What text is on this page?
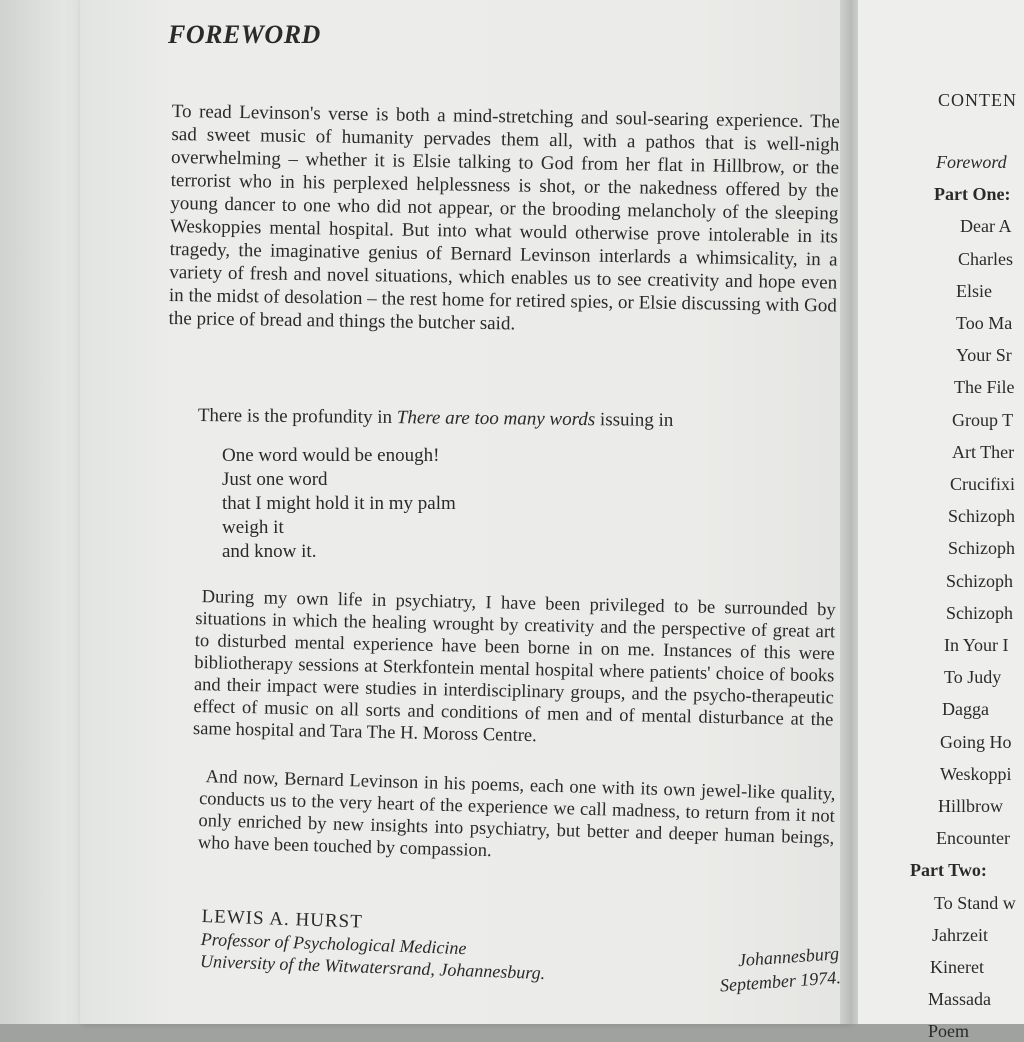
FOREWORD

To read Levinson's verse is both a mind-stretching and soul-searing experience. The sad sweet music of humanity pervades them all, with a pathos that is well-nigh overwhelming – whether it is Elsie talking to God from her flat in Hillbrow, or the terrorist who in his perplexed helplessness is shot, or the nakedness offered by the young dancer to one who did not appear, or the brooding melancholy of the sleeping Weskoppies mental hospital. But into what would otherwise prove intolerable in its tragedy, the imaginative genius of Bernard Levinson interlards a whimsicality, in a variety of fresh and novel situations, which enables us to see creativity and hope even in the midst of desolation – the rest home for retired spies, or Elsie discussing with God the price of bread and things the butcher said.

There is the profundity in There are too many words issuing in

One word would be enough!
Just one word
that I might hold it in my palm
weigh it
and know it.

During my own life in psychiatry, I have been privileged to be surrounded by situations in which the healing wrought by creativity and the perspective of great art to disturbed mental experience have been borne in on me. Instances of this were bibliotherapy sessions at Sterkfontein mental hospital where patients' choice of books and their impact were studies in interdisciplinary groups, and the psycho-therapeutic effect of music on all sorts and conditions of men and of mental disturbance at the same hospital and Tara The H. Moross Centre.

And now, Bernard Levinson in his poems, each one with its own jewel-like quality, conducts us to the very heart of the experience we call madness, to return from it not only enriched by new insights into psychiatry, but better and deeper human beings, who have been touched by compassion.

LEWIS A. HURST
Professor of Psychological Medicine
University of the Witwatersrand, Johannesburg.	Johannesburg
September 1974.
CONTEN
Foreword
Part One:
Dear A
Charles
Elsie
Too Ma
Your Sr
The File
Group T
Art Ther
Crucifixi
Schizoph
Schizoph
Schizoph
Schizoph
In Your I
To Judy
Dagga
Going Ho
Weskoppi
Hillbrow
Encounter
Part Two:
To Stand w
Jahrzeit
Kineret
Massada
Poem
